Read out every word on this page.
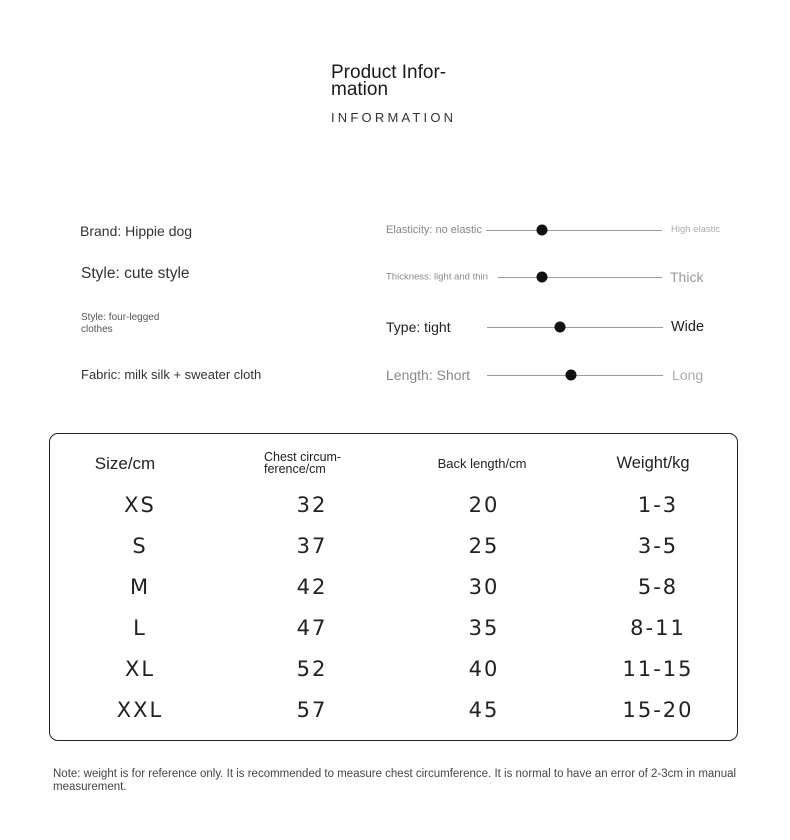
Product Infor-
mation
INFORMATION
Brand: Hippie dog
Style: cute style
Style: four-legged clothes
Fabric: milk silk + sweater cloth
Elasticity: no elastic	High elastic
Thickness: light and thin	Thick
Type: tight	Wide
Length: Short	Long
Size/cm	Chest circum-ference/cm	Back length/cm	Weight/kg
XS	32	20	1-3
S	37	25	3-5
M	42	30	5-8
L	47	35	8-11
XL	52	40	11-15
XXL	57	45	15-20
Note: weight is for reference only. It is recommended to measure chest circumference. It is normal to have an error of 2-3cm in manual measurement.
